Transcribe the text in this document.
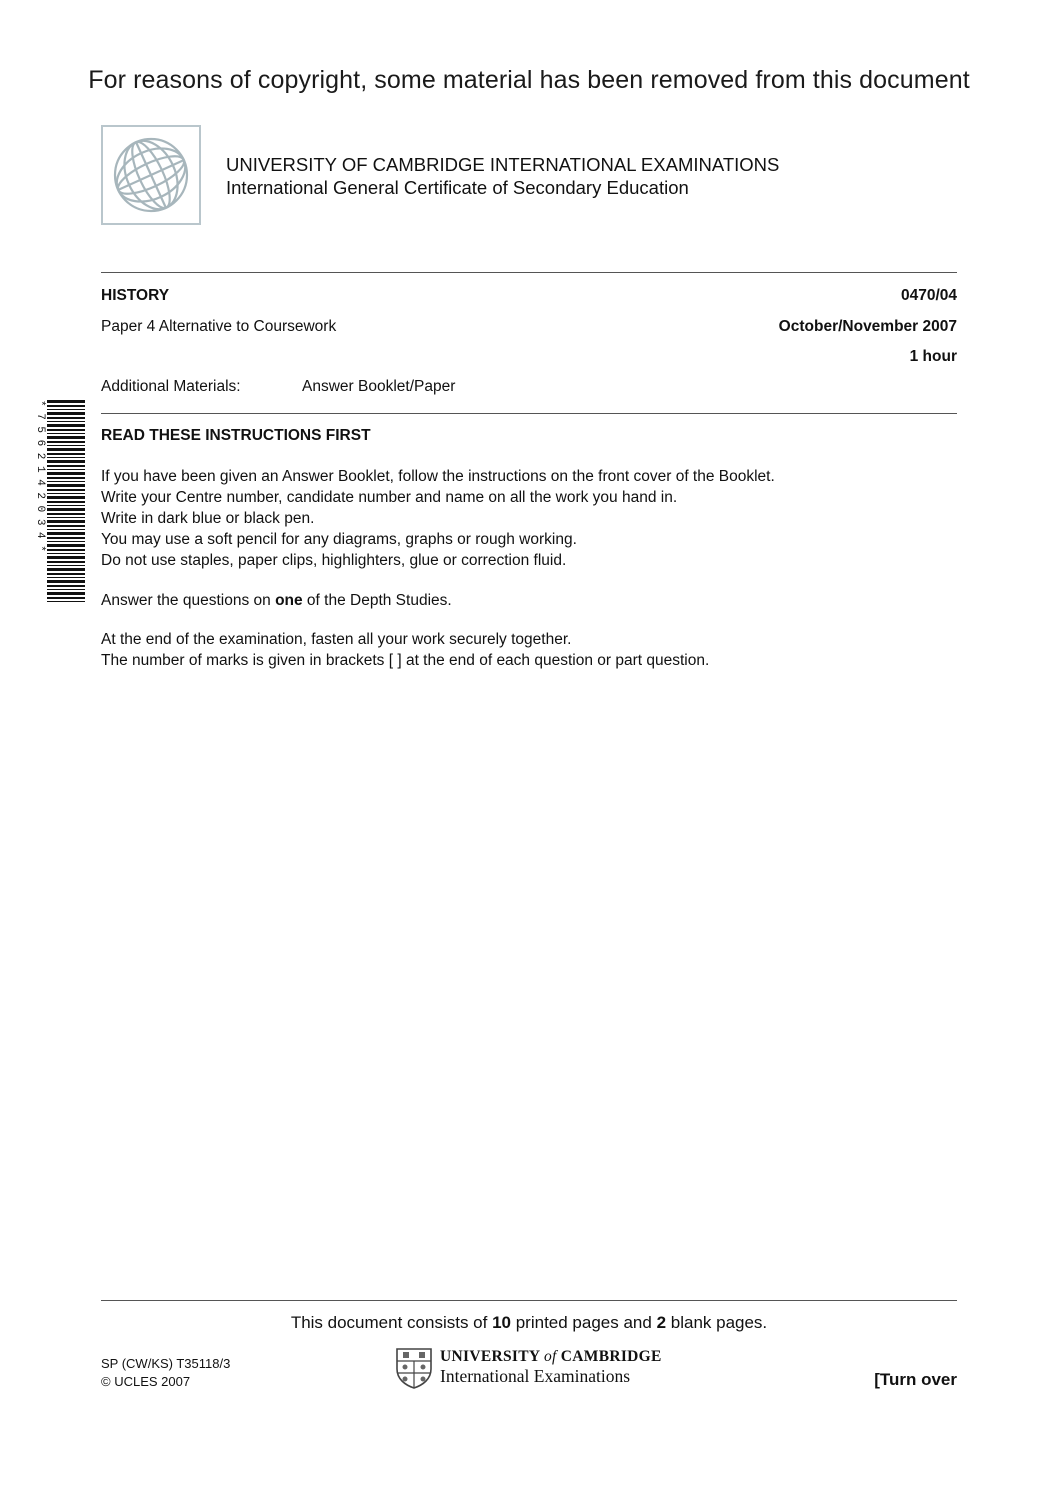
For reasons of copyright, some material has been removed from this document
UNIVERSITY OF CAMBRIDGE INTERNATIONAL EXAMINATIONS
International General Certificate of Secondary Education
HISTORY	0470/04
Paper 4 Alternative to Coursework	October/November 2007
1 hour
Additional Materials:	Answer Booklet/Paper
* 7 5 6 2 1 4 2 0 3 4 *	READ THESE INSTRUCTIONS FIRST
If you have been given an Answer Booklet, follow the instructions on the front cover of the Booklet.
Write your Centre number, candidate number and name on all the work you hand in.
Write in dark blue or black pen.
You may use a soft pencil for any diagrams, graphs or rough working.
Do not use staples, paper clips, highlighters, glue or correction fluid.
Answer the questions on one of the Depth Studies.
At the end of the examination, fasten all your work securely together.
The number of marks is given in brackets [ ] at the end of each question or part question.
This document consists of 10 printed pages and 2 blank pages.
SP (CW/KS) T35118/3
© UCLES 2007
UNIVERSITY of CAMBRIDGE
International Examinations	[Turn over
